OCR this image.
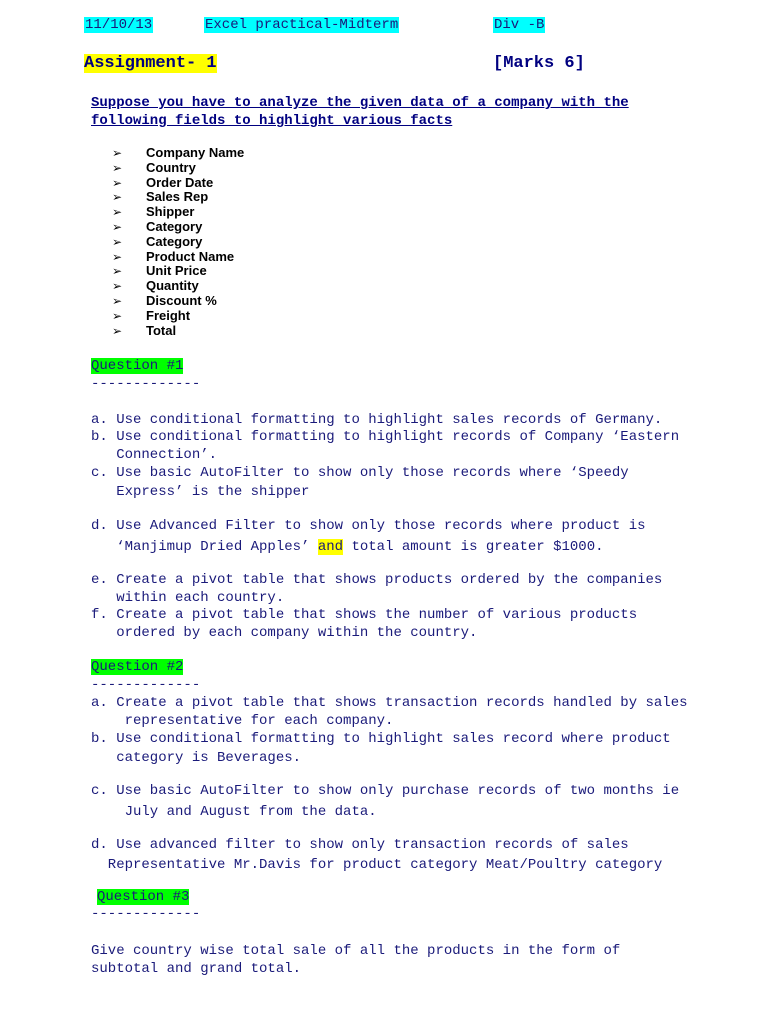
11/10/13	Excel practical-Midterm	Div -B
Assignment- 1	[Marks 6]
Suppose you have to analyze the given data of a company with the
following fields to highlight various facts
➢ Company Name
➢ Country
➢ Order Date
➢ Sales Rep
➢ Shipper
➢ Category
➢ Category
➢ Product Name
➢ Unit Price
➢ Quantity
➢ Discount %
➢ Freight
➢ Total
Question #1
-------------
a. Use conditional formatting to highlight sales records of Germany.
b. Use conditional formatting to highlight records of Company ‘Eastern
Connection’.
c. Use basic AutoFilter to show only those records where ‘Speedy
Express’ is the shipper
d. Use Advanced Filter to show only those records where product is
‘Manjimup Dried Apples’ and total amount is greater $1000.
e. Create a pivot table that shows products ordered by the companies
within each country.
f. Create a pivot table that shows the number of various products
ordered by each company within the country.
Question #2
-------------
a. Create a pivot table that shows transaction records handled by sales
representative for each company.
b. Use conditional formatting to highlight sales record where product
category is Beverages.
c. Use basic AutoFilter to show only purchase records of two months ie
July and August from the data.
d. Use advanced filter to show only transaction records of sales
Representative Mr.Davis for product category Meat/Poultry category
Question #3
-------------
Give country wise total sale of all the products in the form of
subtotal and grand total.
